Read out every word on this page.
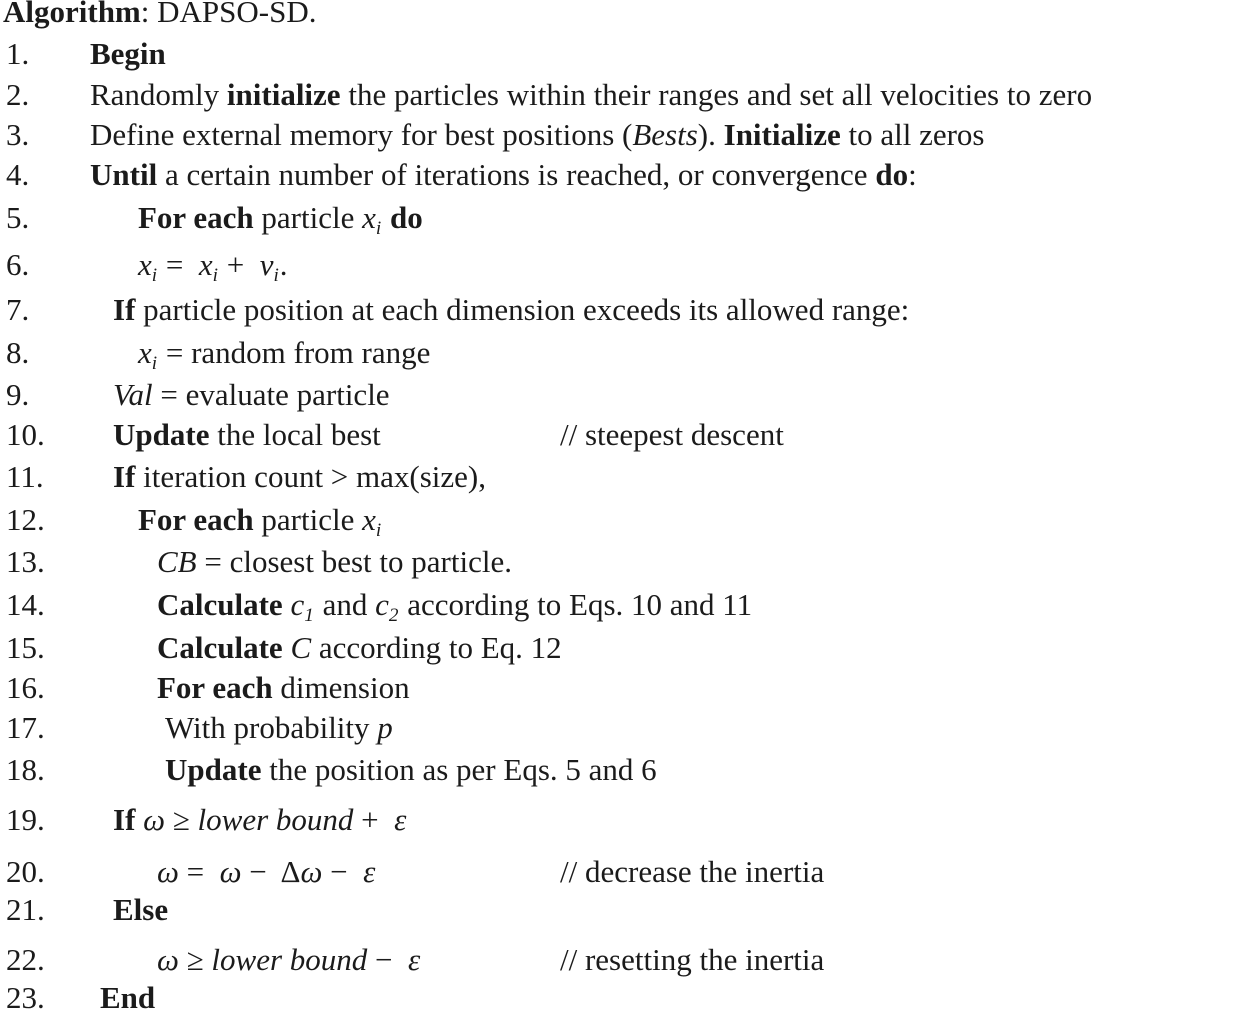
Algorithm: DAPSO-SD.
1. Begin
2. Randomly initialize the particles within their ranges and set all velocities to zero
3. Define external memory for best positions (Bests). Initialize to all zeros
4. Until a certain number of iterations is reached, or convergence do:
5.	For each particle xi do
6.	xi =  xi +  vi.
7.	If particle position at each dimension exceeds its allowed range:
8.	xi = random from range
9.	Val = evaluate particle
10. Update the local best	// steepest descent
11. If iteration count > max(size),
12.	For each particle xi
13.	CB = closest best to particle.
14.	Calculate c1 and c2 according to Eqs. 10 and 11
15.	Calculate C according to Eq. 12
16.	For each dimension
17.	With probability p
18.	Update the position as per Eqs. 5 and 6
19. If ω ≥ lower bound +  ε
20.	ω =  ω −  Δω −  ε	// decrease the inertia
21. Else
22.	ω ≥ lower bound −  ε	// resetting the inertia
23. End
